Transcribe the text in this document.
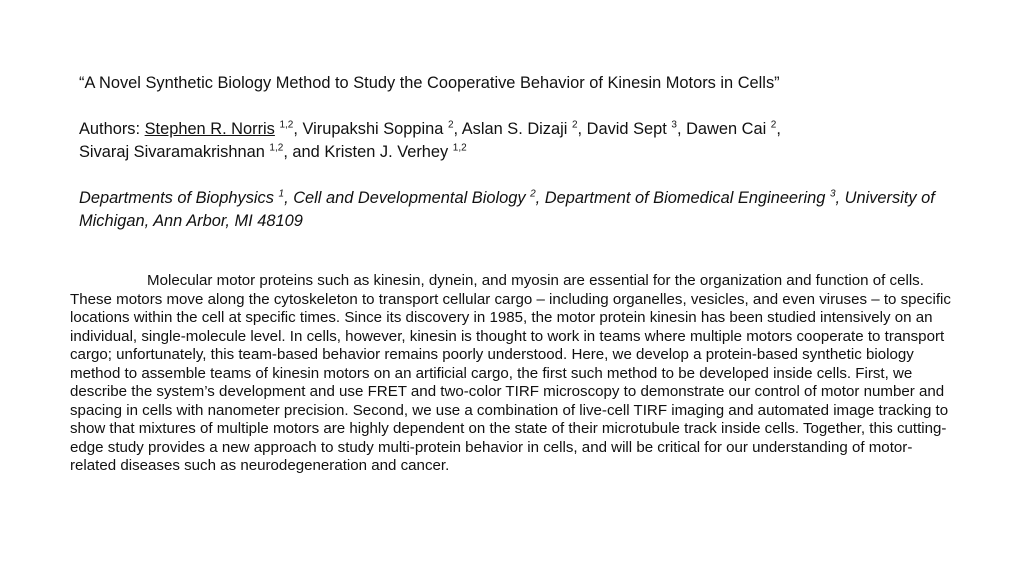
“A Novel Synthetic Biology Method to Study the Cooperative Behavior of Kinesin Motors in Cells”
Authors: Stephen R. Norris $^{1,2}$, Virupakshi Soppina $^2$, Aslan S. Dizaji $^2$, David Sept $^3$, Dawen Cai $^2$,
Sivaraj Sivaramakrishnan $^{1,2}$, and Kristen J. Verhey $^{1,2}$
Departments of Biophysics $^1$, Cell and Developmental Biology $^2$, Department of Biomedical Engineering $^3$, University of Michigan, Ann Arbor, MI 48109

Molecular motor proteins such as kinesin, dynein, and myosin are essential for the organization and function of cells. These motors move along the cytoskeleton to transport cellular cargo – including organelles, vesicles, and even viruses – to specific locations within the cell at specific times. Since its discovery in 1985, the motor protein kinesin has been studied intensively on an individual, single-molecule level. In cells, however, kinesin is thought to work in teams where multiple motors cooperate to transport cargo; unfortunately, this team-based behavior remains poorly understood. Here, we develop a protein-based synthetic biology method to assemble teams of kinesin motors on an artificial cargo, the first such method to be developed inside cells. First, we describe the system’s development and use FRET and two-color TIRF microscopy to demonstrate our control of motor number and spacing in cells with nanometer precision. Second, we use a combination of live-cell TIRF imaging and automated image tracking to show that mixtures of multiple motors are highly dependent on the state of their microtubule track inside cells. Together, this cutting-edge study provides a new approach to study multi-protein behavior in cells, and will be critical for our understanding of motor-related diseases such as neurodegeneration and cancer.
